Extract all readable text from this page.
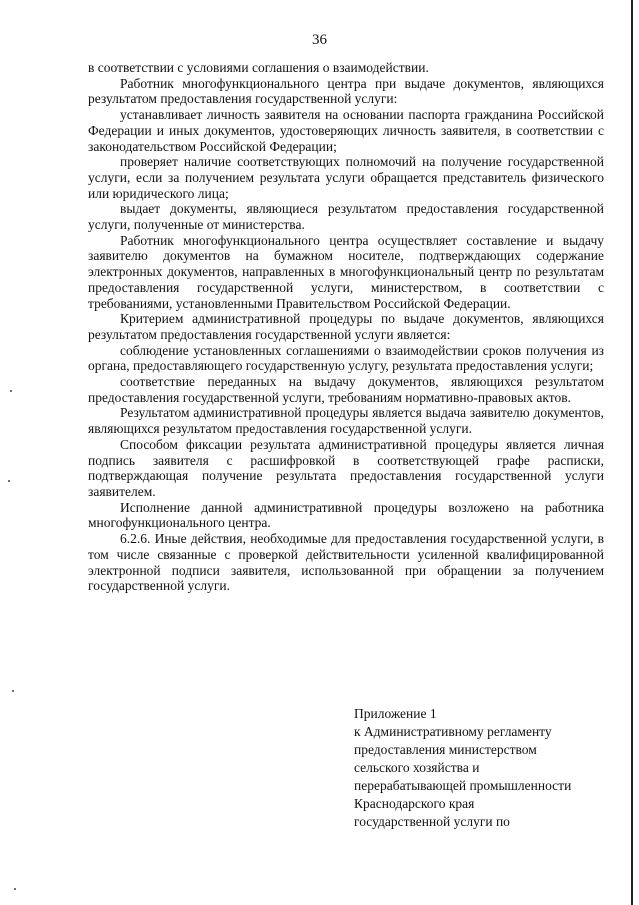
36

в соответствии с условиями соглашения о взаимодействии.

Работник многофункционального центра при выдаче документов, являющихся результатом предоставления государственной услуги:

устанавливает личность заявителя на основании паспорта гражданина Российской Федерации и иных документов, удостоверяющих личность заявителя, в соответствии с законодательством Российской Федерации;

проверяет наличие соответствующих полномочий на получение государственной услуги, если за получением результата услуги обращается представитель физического или юридического лица;

выдает документы, являющиеся результатом предоставления государственной услуги, полученные от министерства.

Работник многофункционального центра осуществляет составление и выдачу заявителю документов на бумажном носителе, подтверждающих содержание электронных документов, направленных в многофункциональный центр по результатам предоставления государственной услуги, министерством, в соответствии с требованиями, установленными Правительством Российской Федерации.

Критерием административной процедуры по выдаче документов, являющихся результатом предоставления государственной услуги является:

соблюдение установленных соглашениями о взаимодействии сроков получения из органа, предоставляющего государственную услугу, результата предоставления услуги;

соответствие переданных на выдачу документов, являющихся результатом предоставления государственной услуги, требованиям нормативно-правовых актов.

Результатом административной процедуры является выдача заявителю документов, являющихся результатом предоставления государственной услуги.

Способом фиксации результата административной процедуры является личная подпись заявителя с расшифровкой в соответствующей графе расписки, подтверждающая получение результата предоставления государственной услуги заявителем.

Исполнение данной административной процедуры возложено на работника многофункционального центра.

6.2.6. Иные действия, необходимые для предоставления государственной услуги, в том числе связанные с проверкой действительности усиленной квалифицированной электронной подписи заявителя, использованной при обращении за получением государственной услуги.

Приложение 1
к Административному регламенту
предоставления министерством
сельского хозяйства и
перерабатывающей промышленности
Краснодарского края
государственной услуги по
